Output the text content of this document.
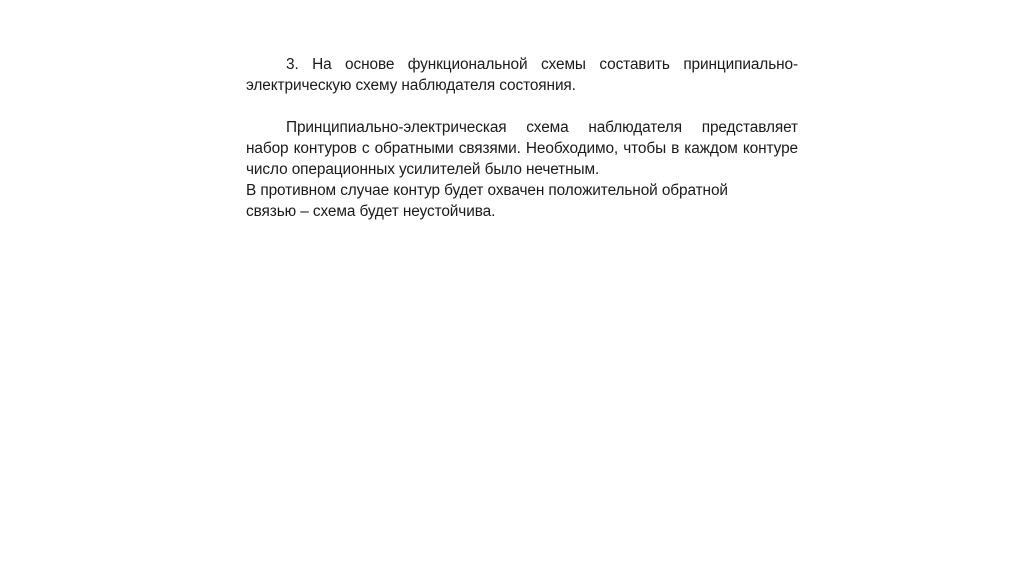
3. На основе функциональной схемы составить принципиально-электрическую схему наблюдателя состояния.

Принципиально-электрическая схема наблюдателя представляет набор контуров с обратными связями. Необходимо, чтобы в каждом контуре число операционных усилителей было нечетным.

В противном случае контур будет охвачен положительной обратной

связью – схема будет неустойчива.
